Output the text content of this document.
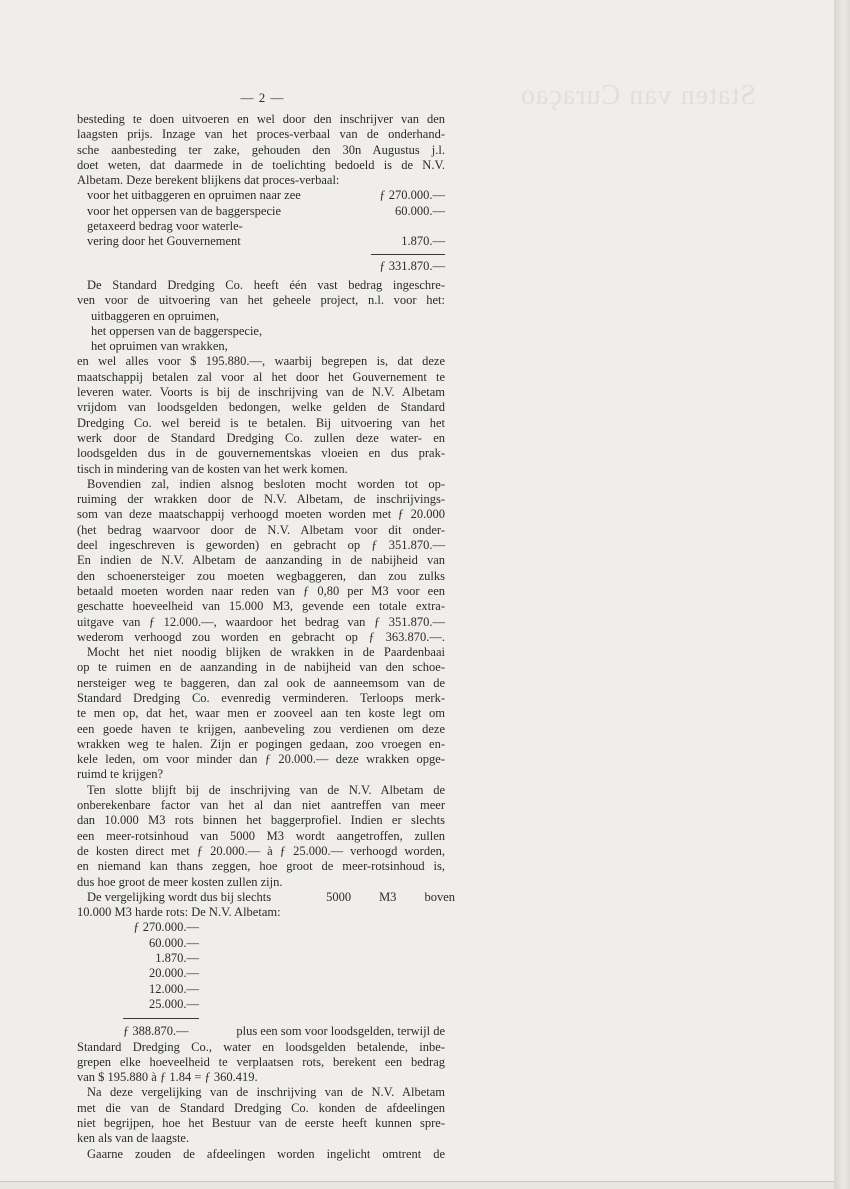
Staten van Curaçao
— 2 —
besteding te doen uitvoeren en wel door den inschrijver van den
laagsten prijs. Inzage van het proces-verbaal van de onderhand-
sche aanbesteding ter zake, gehouden den 30n Augustus j.l.
doet weten, dat daarmede in de toelichting bedoeld is de N.V.
Albetam. Deze berekent blijkens dat proces-verbaal:
voor het uitbaggeren en opruimen naar zee	ƒ 270.000.—
voor het oppersen van de baggerspecie	60.000.—
getaxeerd bedrag voor waterle-
vering door het Gouvernement	1.870.—
ƒ 331.870.—
De Standard Dredging Co. heeft één vast bedrag ingeschre-
ven voor de uitvoering van het geheele project, n.l. voor het:
uitbaggeren en opruimen,
het oppersen van de baggerspecie,
het opruimen van wrakken,
en wel alles voor $ 195.880.—, waarbij begrepen is, dat deze
maatschappij betalen zal voor al het door het Gouvernement te
leveren water. Voorts is bij de inschrijving van de N.V. Albetam
vrijdom van loodsgelden bedongen, welke gelden de Standard
Dredging Co. wel bereid is te betalen. Bij uitvoering van het
werk door de Standard Dredging Co. zullen deze water- en
loodsgelden dus in de gouvernementskas vloeien en dus prak-
tisch in mindering van de kosten van het werk komen.
Bovendien zal, indien alsnog besloten mocht worden tot op-
ruiming der wrakken door de N.V. Albetam, de inschrijvings-
som van deze maatschappij verhoogd moeten worden met ƒ 20.000
(het bedrag waarvoor door de N.V. Albetam voor dit onder-
deel ingeschreven is geworden) en gebracht op ƒ 351.870.—
En indien de N.V. Albetam de aanzanding in de nabijheid van
den schoenersteiger zou moeten wegbaggeren, dan zou zulks
betaald moeten worden naar reden van ƒ 0,80 per M3 voor een
geschatte hoeveelheid van 15.000 M3, gevende een totale extra-
uitgave van ƒ 12.000.—, waardoor het bedrag van ƒ 351.870.—
wederom verhoogd zou worden en gebracht op ƒ 363.870.—.
Mocht het niet noodig blijken de wrakken in de Paardenbaai
op te ruimen en de aanzanding in de nabijheid van den schoe-
nersteiger weg te baggeren, dan zal ook de aanneemsom van de
Standard Dredging Co. evenredig verminderen. Terloops merk-
te men op, dat het, waar men er zooveel aan ten koste legt om
een goede haven te krijgen, aanbeveling zou verdienen om deze
wrakken weg te halen. Zijn er pogingen gedaan, zoo vroegen en-
kele leden, om voor minder dan ƒ 20.000.— deze wrakken opge-
ruimd te krijgen?
Ten slotte blijft bij de inschrijving van de N.V. Albetam de
onberekenbare factor van het al dan niet aantreffen van meer
dan 10.000 M3 rots binnen het baggerprofiel. Indien er slechts
een meer-rotsinhoud van 5000 M3 wordt aangetroffen, zullen
de kosten direct met ƒ 20.000.— à ƒ 25.000.— verhoogd worden,
en niemand kan thans zeggen, hoe groot de meer-rotsinhoud is,
dus hoe groot de meer kosten zullen zijn.
De vergelijking wordt dus bij slechts	5000 M3 boven
10.000 M3 harde rots: De N.V. Albetam:
ƒ 270.000.—
60.000.—
1.870.—
20.000.—
12.000.—
25.000.—
ƒ 388.870.—	plus een som voor loodsgelden, terwijl de
Standard Dredging Co., water en loodsgelden betalende, inbe-
grepen elke hoeveelheid te verplaatsen rots, berekent een bedrag
van $ 195.880 à ƒ 1.84 = ƒ 360.419.
Na deze vergelijking van de inschrijving van de N.V. Albetam
met die van de Standard Dredging Co. konden de afdeelingen
niet begrijpen, hoe het Bestuur van de eerste heeft kunnen spre-
ken als van de laagste.
Gaarne zouden de afdeelingen worden ingelicht omtrent de
